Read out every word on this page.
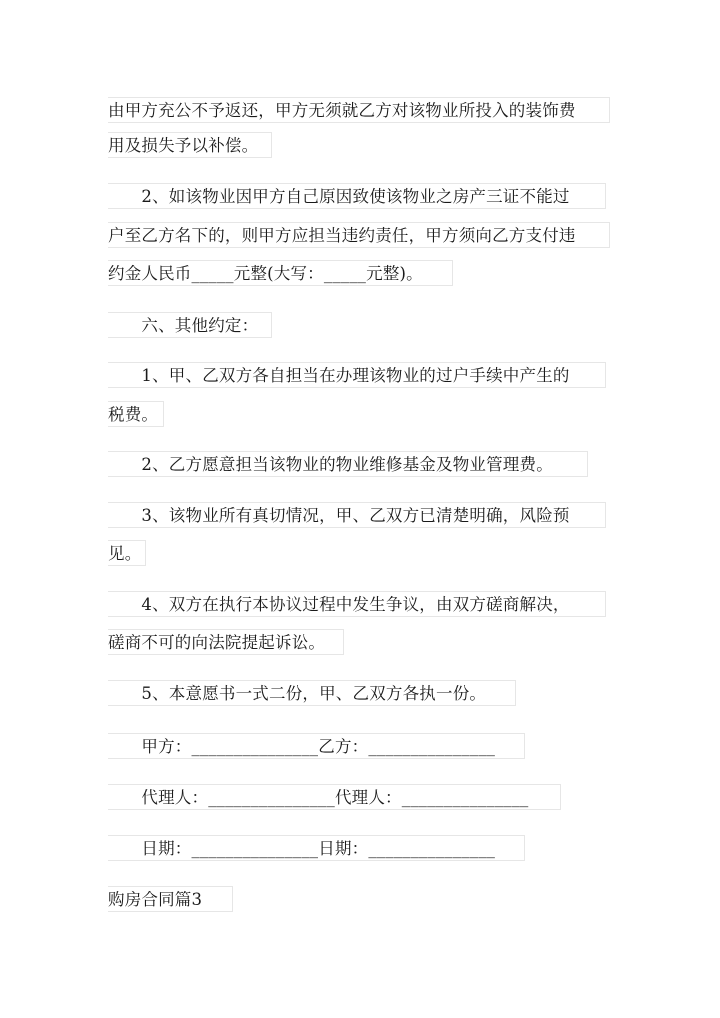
由甲方充公不予返还，甲方无须就乙方对该物业所投入的装饰费
用及损失予以补偿。
　　2、如该物业因甲方自己原因致使该物业之房产三证不能过
户至乙方名下的，则甲方应担当违约责任，甲方须向乙方支付违
约金人民币_____元整(大写：_____元整)。
　　六、其他约定：
　　1、甲、乙双方各自担当在办理该物业的过户手续中产生的
税费。
　　2、乙方愿意担当该物业的物业维修基金及物业管理费。
　　3、该物业所有真切情况，甲、乙双方已清楚明确，风险预
见。
　　4、双方在执行本协议过程中发生争议，由双方磋商解决，
磋商不可的向法院提起诉讼。
　　5、本意愿书一式二份，甲、乙双方各执一份。
　　甲方：_______________乙方：_______________
　　代理人：_______________代理人：_______________
　　日期：_______________日期：_______________
购房合同篇3
